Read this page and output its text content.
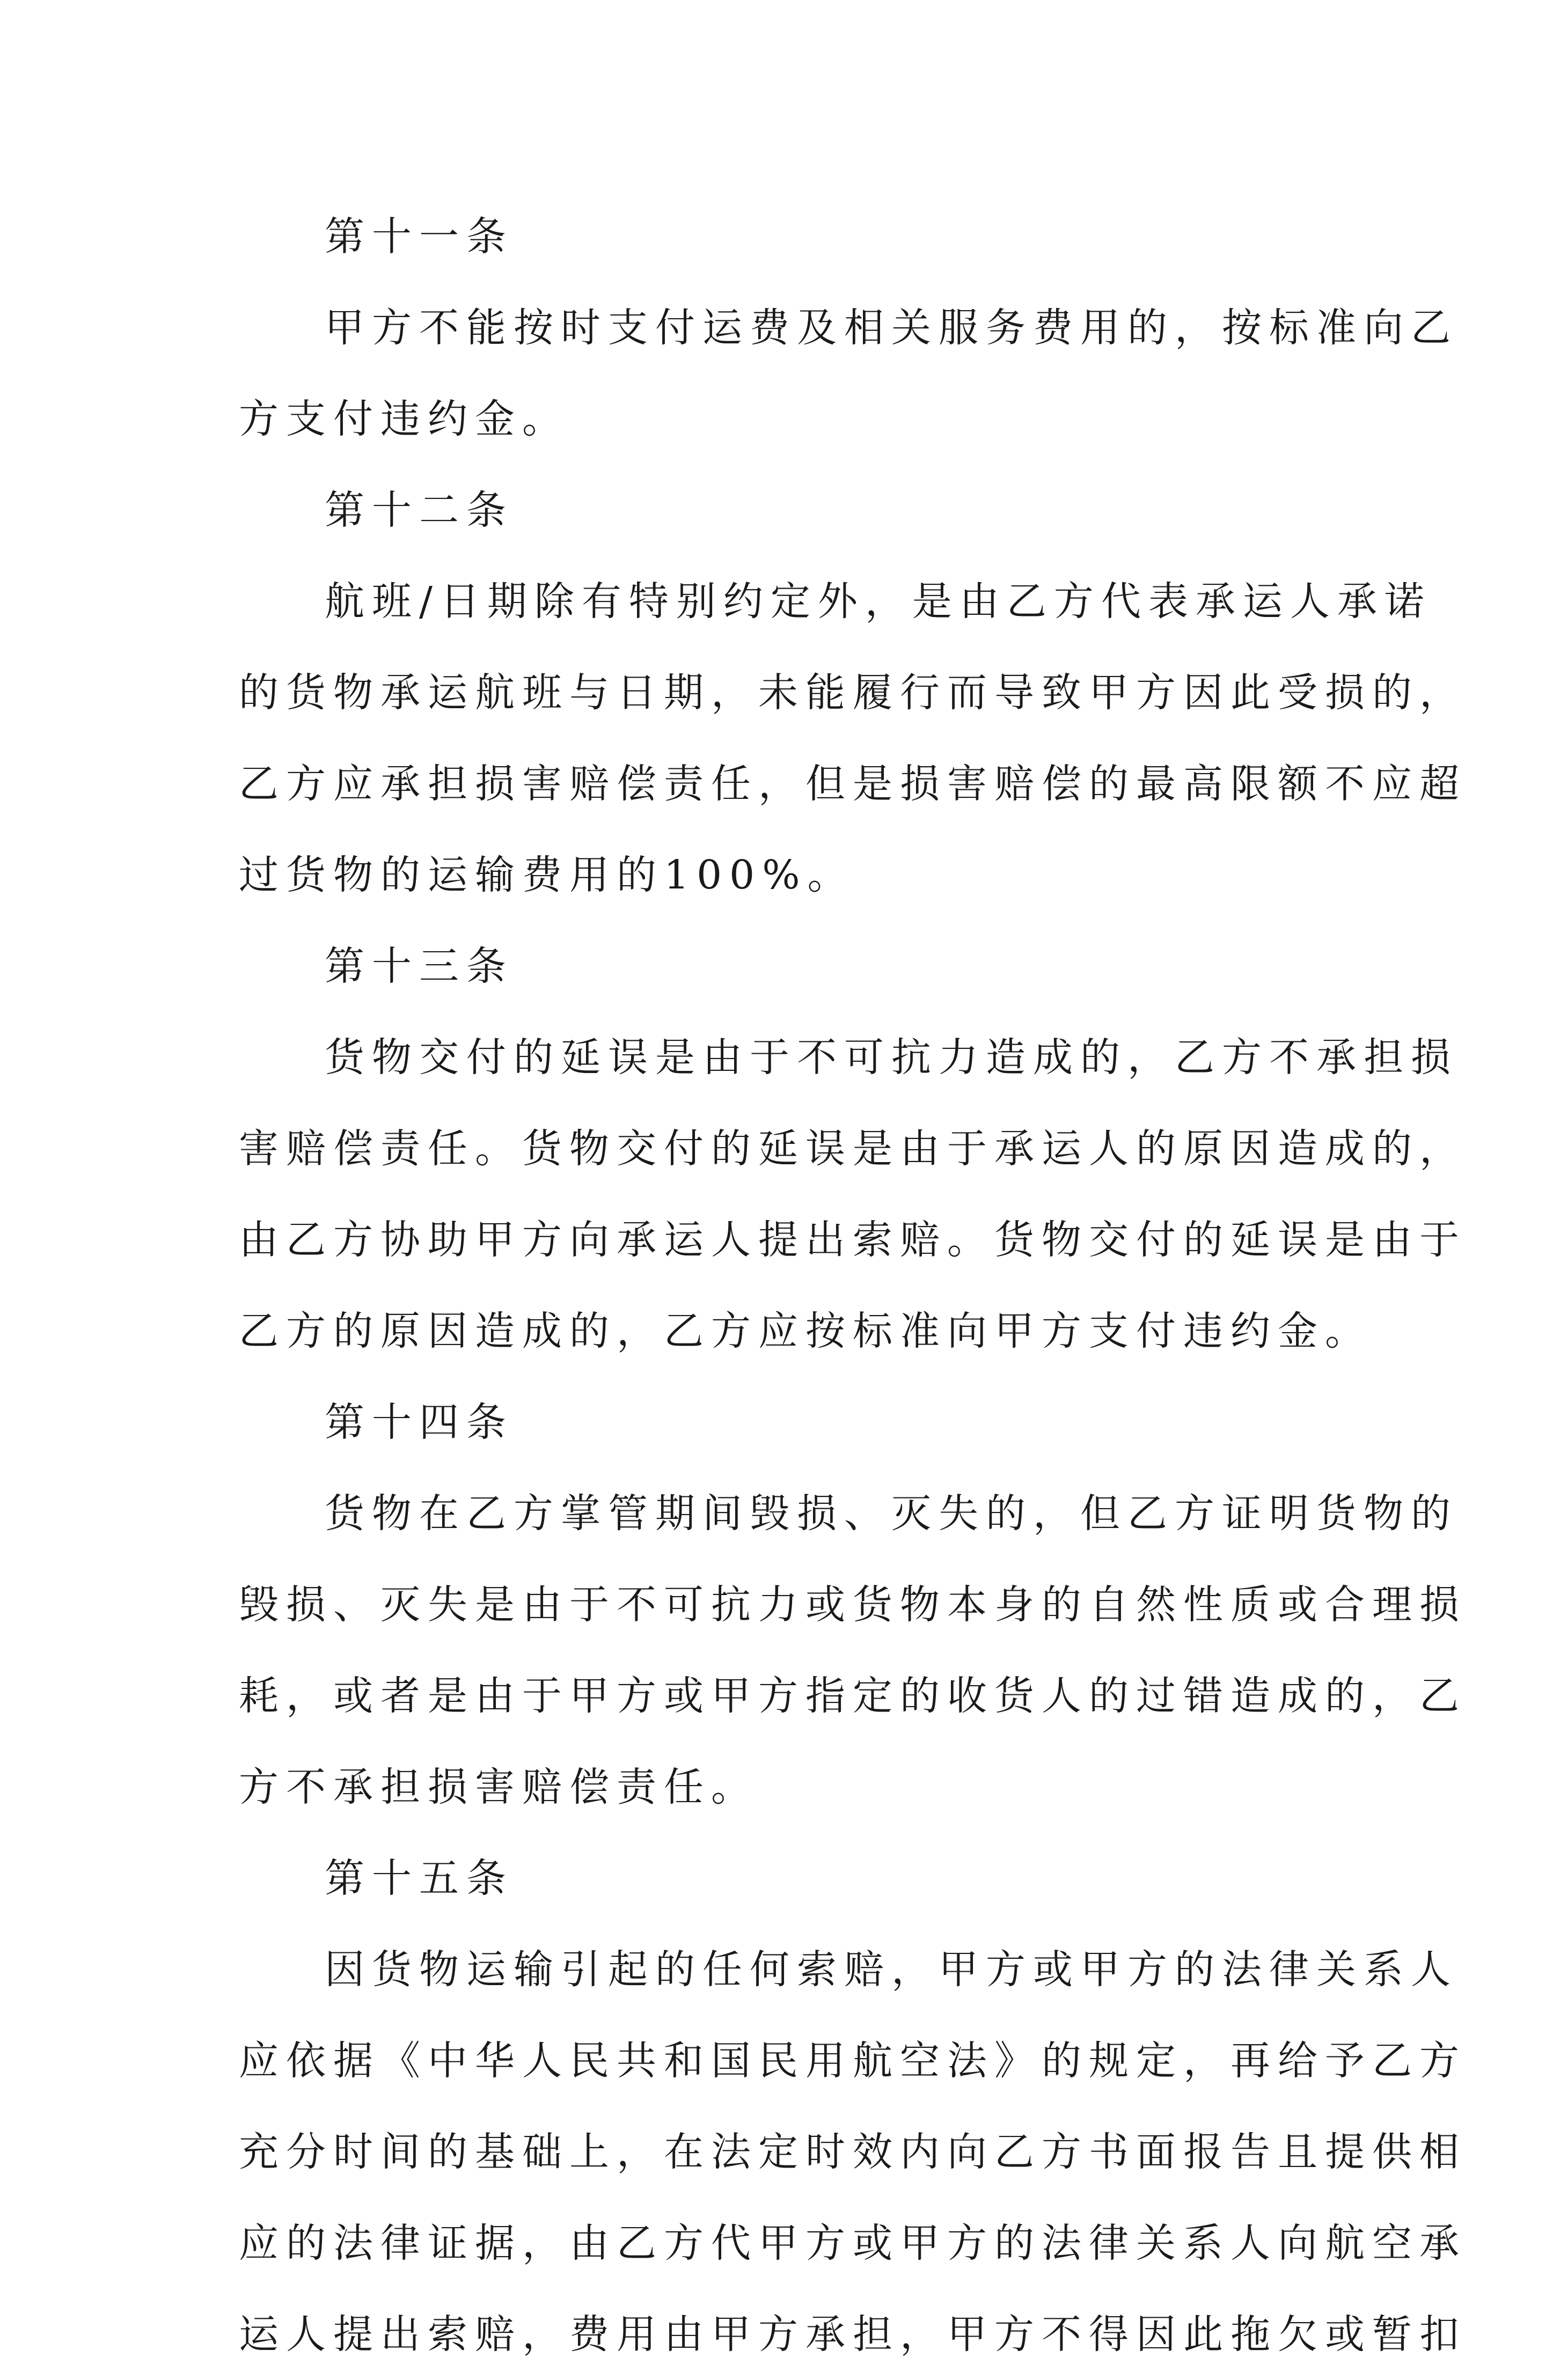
第十一条
甲方不能按时支付运费及相关服务费用的，按标准向乙
方支付违约金。
第十二条
航班/日期除有特别约定外，是由乙方代表承运人承诺
的货物承运航班与日期，未能履行而导致甲方因此受损的，
乙方应承担损害赔偿责任，但是损害赔偿的最高限额不应超
过货物的运输费用的100%。
第十三条
货物交付的延误是由于不可抗力造成的，乙方不承担损
害赔偿责任。货物交付的延误是由于承运人的原因造成的，
由乙方协助甲方向承运人提出索赔。货物交付的延误是由于
乙方的原因造成的，乙方应按标准向甲方支付违约金。
第十四条
货物在乙方掌管期间毁损、灭失的，但乙方证明货物的
毁损、灭失是由于不可抗力或货物本身的自然性质或合理损
耗，或者是由于甲方或甲方指定的收货人的过错造成的，乙
方不承担损害赔偿责任。
第十五条
因货物运输引起的任何索赔，甲方或甲方的法律关系人
应依据《中华人民共和国民用航空法》的规定，再给予乙方
充分时间的基础上，在法定时效内向乙方书面报告且提供相
应的法律证据，由乙方代甲方或甲方的法律关系人向航空承
运人提出索赔，费用由甲方承担，甲方不得因此拖欠或暂扣
